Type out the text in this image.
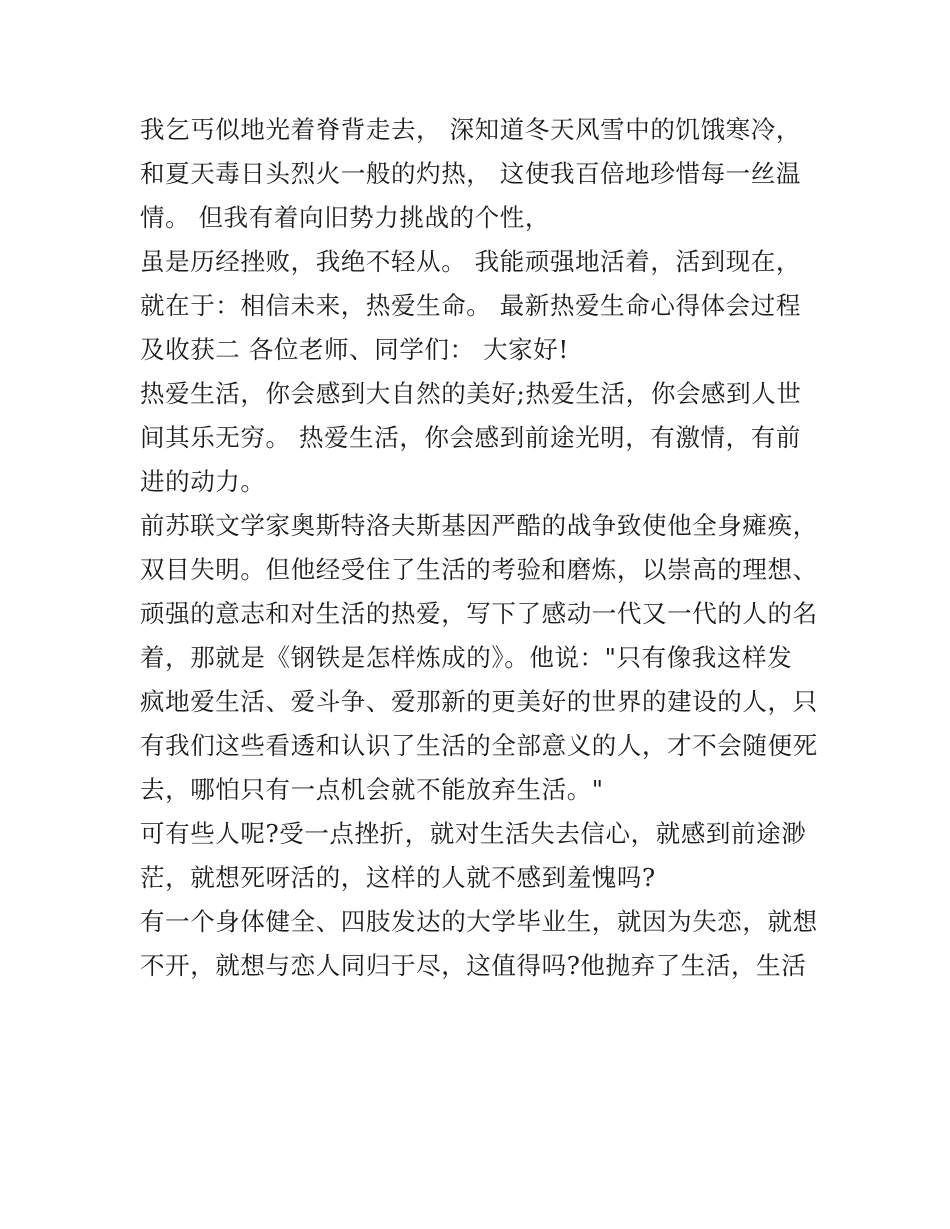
我乞丐似地光着脊背走去， 深知道冬天风雪中的饥饿寒冷，
和夏天毒日头烈火一般的灼热， 这使我百倍地珍惜每一丝温
情。 但我有着向旧势力挑战的个性，
虽是历经挫败，我绝不轻从。 我能顽强地活着，活到现在，
就在于：相信未来，热爱生命。 最新热爱生命心得体会过程
及收获二 各位老师、同学们： 大家好!
热爱生活，你会感到大自然的美好;热爱生活，你会感到人世
间其乐无穷。 热爱生活，你会感到前途光明，有激情，有前
进的动力。
前苏联文学家奥斯特洛夫斯基因严酷的战争致使他全身瘫痪，
双目失明。但他经受住了生活的考验和磨炼，以崇高的理想、
顽强的意志和对生活的热爱，写下了感动一代又一代的人的名
着，那就是《钢铁是怎样炼成的》。他说："只有像我这样发
疯地爱生活、爱斗争、爱那新的更美好的世界的建设的人，只
有我们这些看透和认识了生活的全部意义的人，才不会随便死
去，哪怕只有一点机会就不能放弃生活。"
可有些人呢?受一点挫折，就对生活失去信心，就感到前途渺
茫，就想死呀活的，这样的人就不感到羞愧吗?
有一个身体健全、四肢发达的大学毕业生，就因为失恋，就想
不开，就想与恋人同归于尽，这值得吗?他抛弃了生活，生活
